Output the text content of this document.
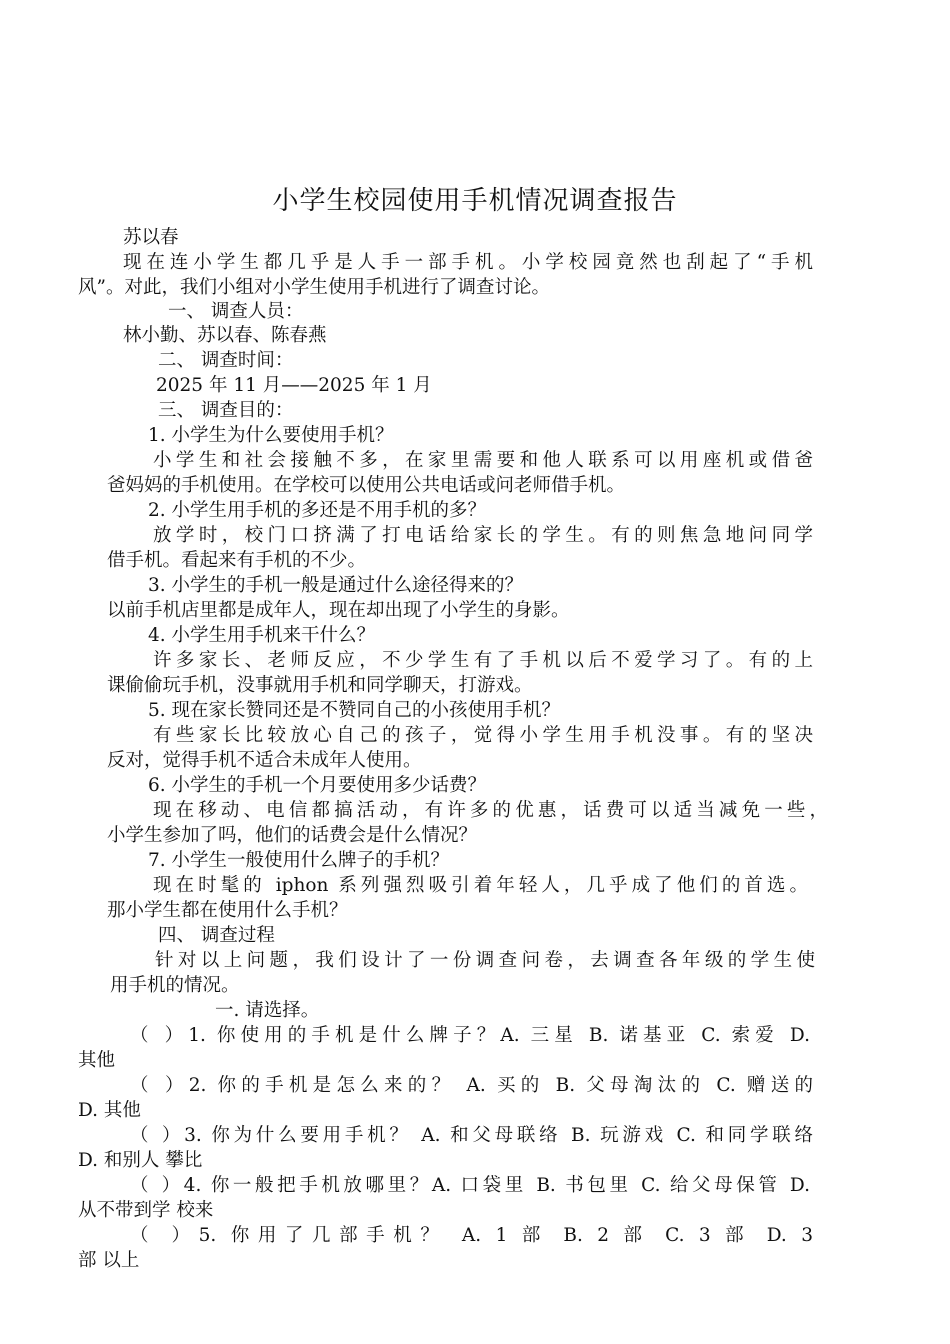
小学生校园使用手机情况调查报告
苏以春
现在连小学生都几乎是人手一部手机。小学校园竟然也刮起了“手机
风”。对此，我们小组对小学生使用手机进行了调查讨论。
一、 调查人员：
林小勤、苏以春、陈春燕
二、 调查时间：
2025 年 11 月——2025 年 1 月
三、 调查目的：
1. 小学生为什么要使用手机？
小学生和社会接触不多，在家里需要和他人联系可以用座机或借爸
爸妈妈的手机使用。在学校可以使用公共电话或问老师借手机。
2. 小学生用手机的多还是不用手机的多？
放学时，校门口挤满了打电话给家长的学生。有的则焦急地问同学
借手机。看起来有手机的不少。
3. 小学生的手机一般是通过什么途径得来的？
以前手机店里都是成年人，现在却出现了小学生的身影。
4. 小学生用手机来干什么？
许多家长、老师反应，不少学生有了手机以后不爱学习了。有的上
课偷偷玩手机，没事就用手机和同学聊天，打游戏。
5. 现在家长赞同还是不赞同自己的小孩使用手机？
有些家长比较放心自己的孩子，觉得小学生用手机没事。有的坚决
反对，觉得手机不适合未成年人使用。
6. 小学生的手机一个月要使用多少话费？
现在移动、电信都搞活动，有许多的优惠，话费可以适当减免一些，
小学生参加了吗，他们的话费会是什么情况？
7. 小学生一般使用什么牌子的手机？
现在时髦的 iphon 系列强烈吸引着年轻人，几乎成了他们的首选。
那小学生都在使用什么手机？
四、 调查过程
针对以上问题，我们设计了一份调查问卷，去调查各年级的学生使
用手机的情况。
一. 请选择。
（ ）1. 你使用的手机是什么牌子？A. 三星 B. 诺基亚 C. 索爱 D.
其他
（ ）2. 你的手机是怎么来的？ A. 买的 B. 父母淘汰的 C. 赠送的
D. 其他
（ ）3. 你为什么要用手机？ A. 和父母联络 B. 玩游戏 C. 和同学联络
D. 和别人 攀比
（ ）4. 你一般把手机放哪里？A. 口袋里 B. 书包里 C. 给父母保管 D.
从不带到学 校来
（ ）5. 你用了几部手机？ A. 1 部 B. 2 部 C. 3 部 D. 3
部 以上
